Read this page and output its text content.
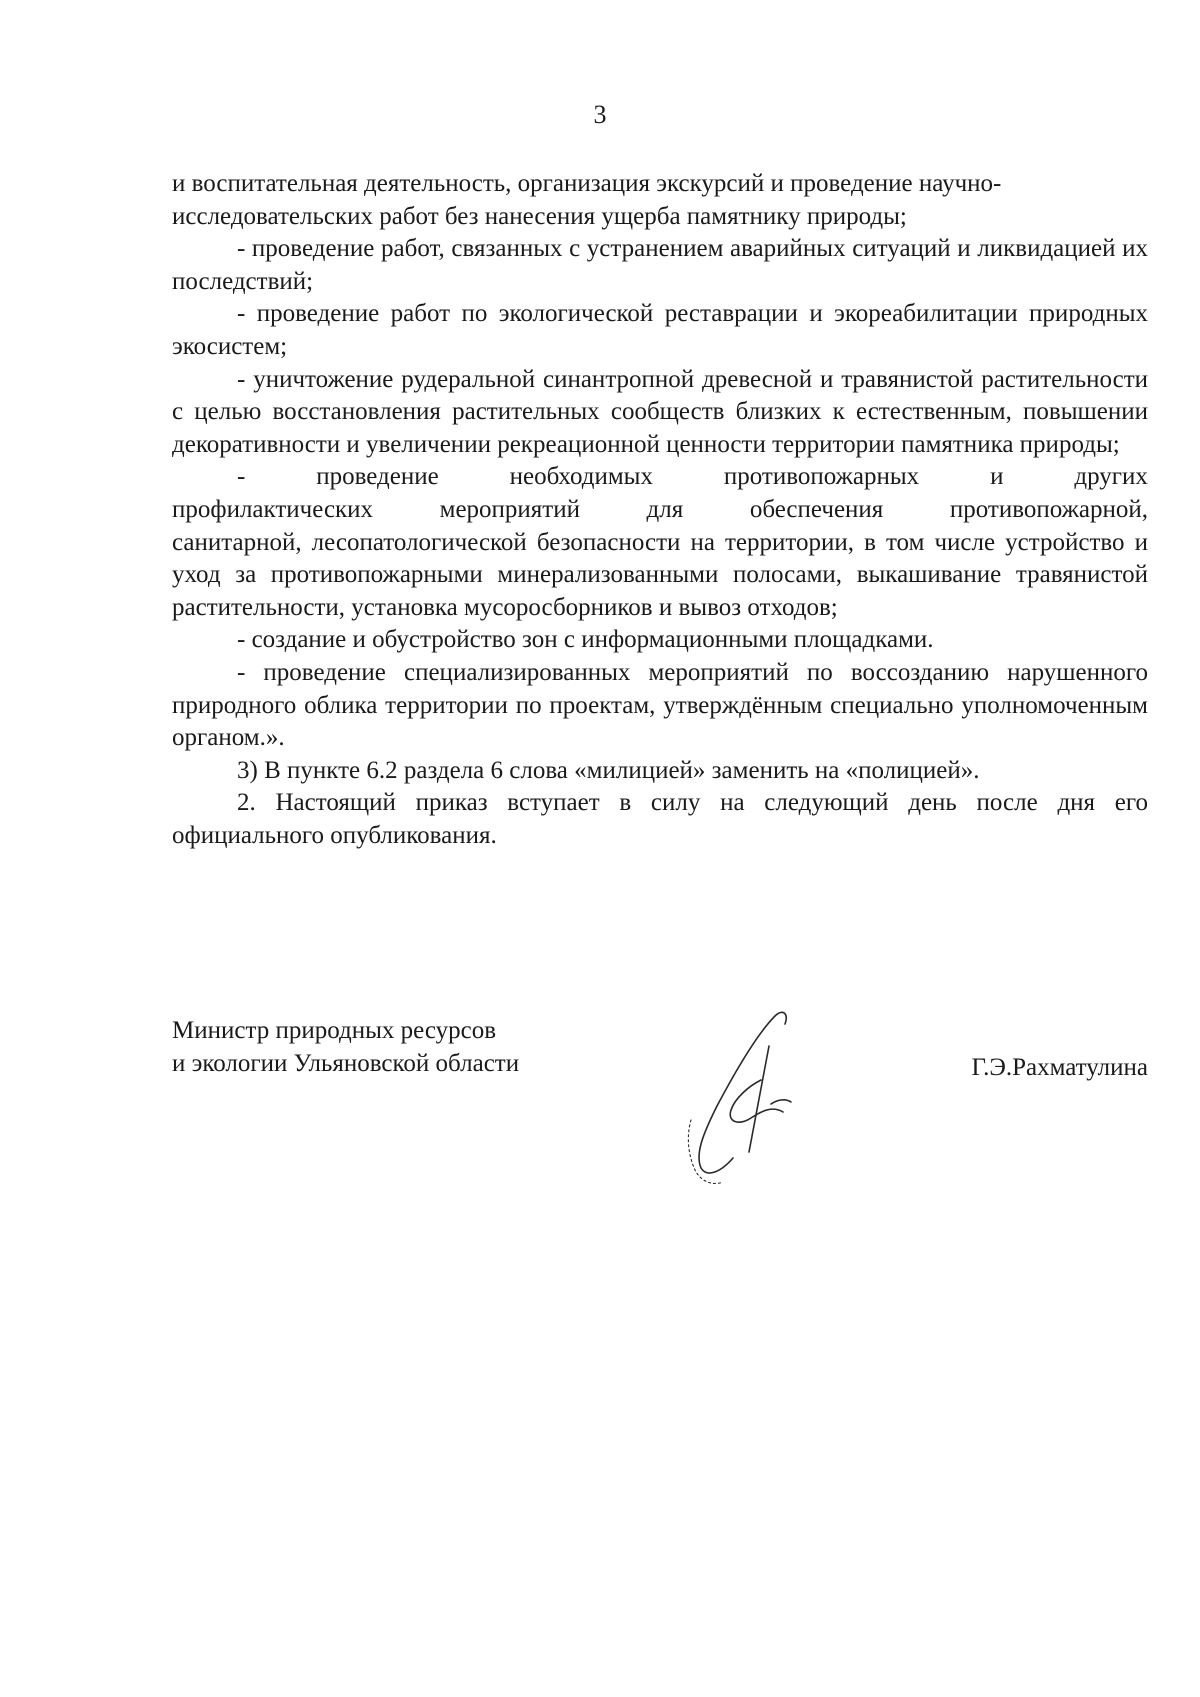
3
и воспитательная деятельность, организация экскурсий и проведение научно-

исследовательских работ без нанесения ущерба памятнику природы;

- проведение работ, связанных с устранением аварийных ситуаций и ликвидацией их последствий;

- проведение работ по экологической реставрации и экореабилитации природных экосистем;

- уничтожение рудеральной синантропной древесной и травянистой растительности с целью восстановления растительных сообществ близких к естественным, повышении декоративности и увеличении рекреационной ценности территории памятника природы;

-	проведение	необходимых	противопожарных	и	других
профилактических	мероприятий	для	обеспечения	противопожарной,

санитарной, лесопатологической безопасности на территории, в том числе устройство и уход за противопожарными минерализованными полосами, выкашивание травянистой растительности, установка мусоросборников и вывоз отходов;

- создание и обустройство зон с информационными площадками.

- проведение специализированных мероприятий по воссозданию нарушенного природного облика территории по проектам, утверждённым специально уполномоченным органом.».

3) В пункте 6.2 раздела 6 слова «милицией» заменить на «полицией».

2. Настоящий приказ вступает в силу на следующий день после дня его официального опубликования.

Министр природных ресурсов
и экологии Ульяновской области	Г.Э.Рахматулина
